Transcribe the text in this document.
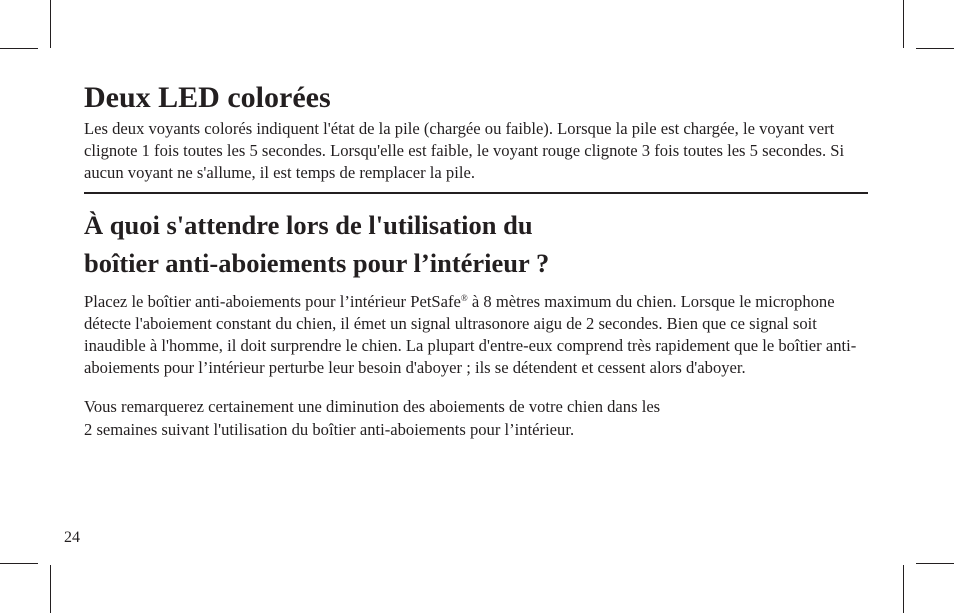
Deux LED colorées

Les deux voyants colorés indiquent l'état de la pile (chargée ou faible). Lorsque la pile est chargée, le voyant vert clignote 1 fois toutes les 5 secondes. Lorsqu'elle est faible, le voyant rouge clignote 3 fois toutes les 5 secondes. Si aucun voyant ne s'allume, il est temps de remplacer la pile.

À quoi s'attendre lors de l'utilisation du
boîtier anti-aboiements pour l’intérieur ?

Placez le boîtier anti-aboiements pour l’intérieur PetSafe® à 8 mètres maximum du chien. Lorsque le microphone détecte l'aboiement constant du chien, il émet un signal ultrasonore aigu de 2 secondes. Bien que ce signal soit inaudible à l'homme, il doit surprendre le chien. La plupart d'entre-eux comprend très rapidement que le boîtier anti-aboiements pour l’intérieur perturbe leur besoin d'aboyer ; ils se détendent et cessent alors d'aboyer.

Vous remarquerez certainement une diminution des aboiements de votre chien dans les
2 semaines suivant l'utilisation du boîtier anti-aboiements pour l’intérieur.

24
